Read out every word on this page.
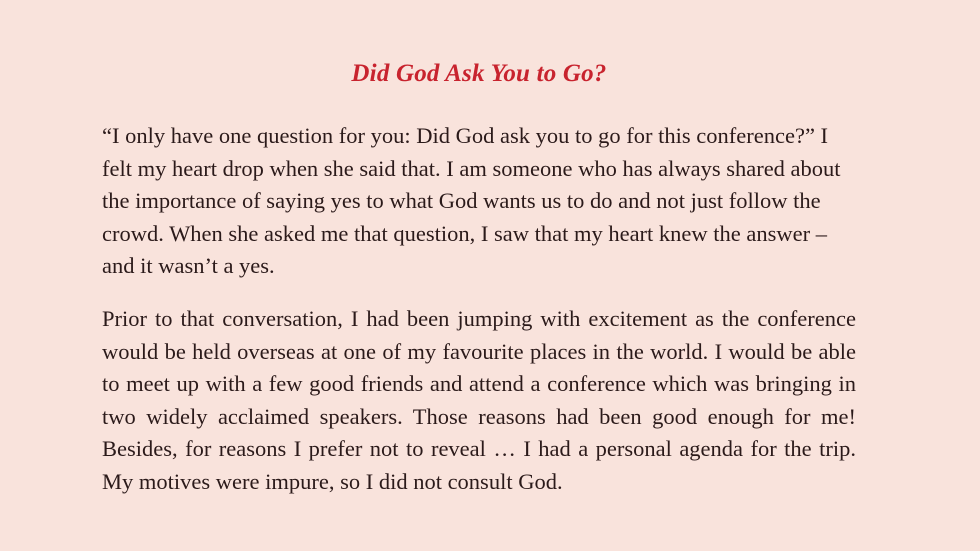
Did God Ask You to Go?

“I only have one question for you: Did God ask you to go for this conference?” I felt my heart drop when she said that. I am someone who has always shared about the importance of saying yes to what God wants us to do and not just follow the crowd. When she asked me that question, I saw that my heart knew the answer – and it wasn’t a yes.

Prior to that conversation, I had been jumping with excitement as the conference would be held overseas at one of my favourite places in the world. I would be able to meet up with a few good friends and attend a conference which was bringing in two widely acclaimed speakers. Those reasons had been good enough for me! Besides, for reasons I prefer not to reveal … I had a personal agenda for the trip. My motives were impure, so I did not consult God.
